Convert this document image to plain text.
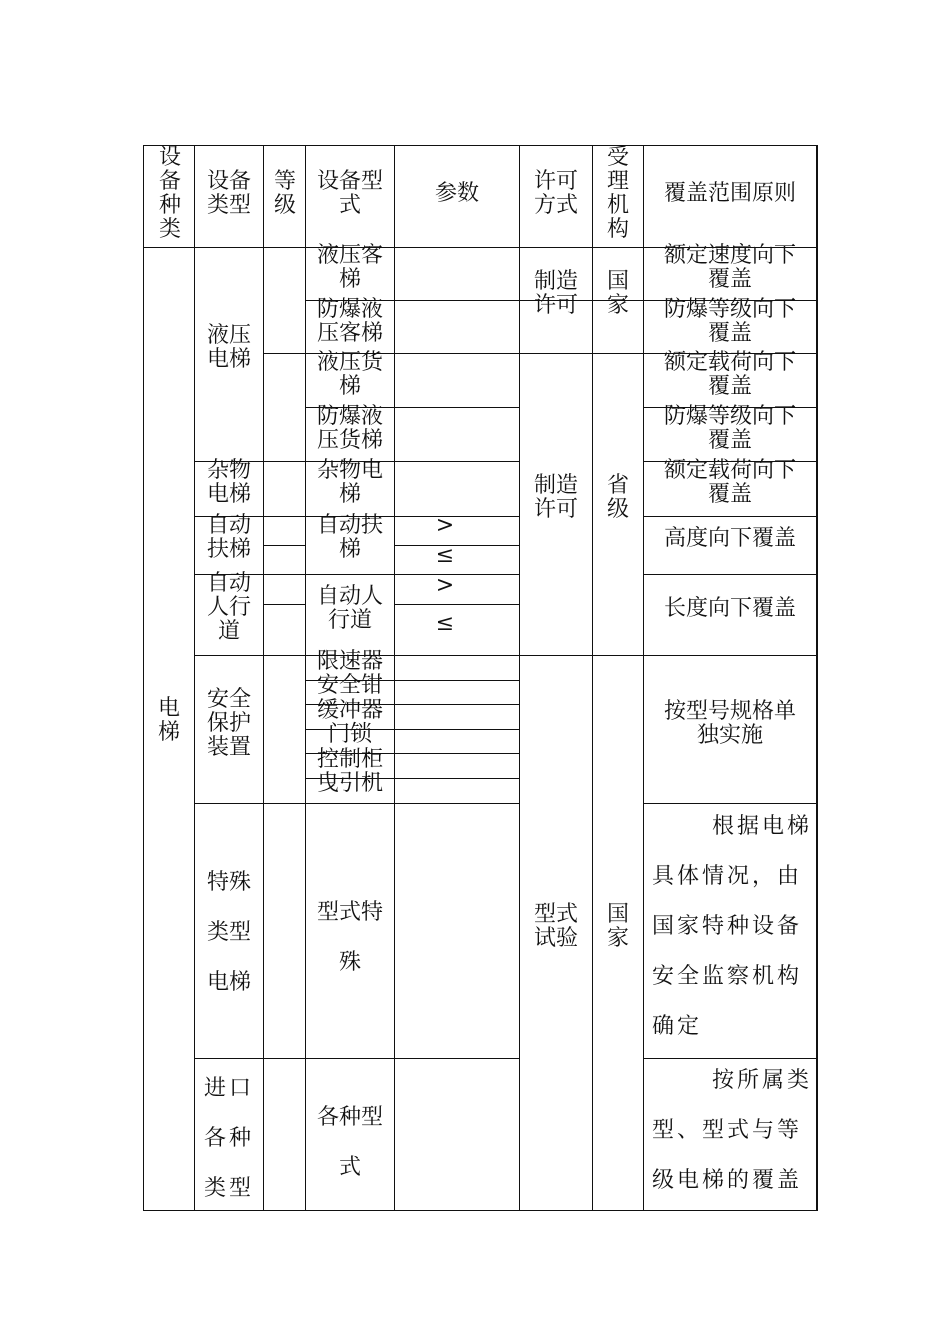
设备种类
设备
类型
等
级
设备型
式	参数	许可
方式
受理机构
覆盖范围原则
电梯
液压
电梯
杂物
电梯
自动
扶梯
自动
人行
道
安全
保护
装置
特殊
类型
电梯
进口
各种
类型
液压客
梯
防爆液
压客梯
液压货
梯
防爆液
压货梯
杂物电
梯
自动扶
梯
自动人
行道
限速器
安全钳
缓冲器
门锁
控制柜
曳引机
型式特
殊
各种型
式
>
≤
>
≤
制造
许可
制造
许可
型式
试验
国
家
省
级
国
家
额定速度向下
覆盖
防爆等级向下
覆盖
额定载荷向下
覆盖
防爆等级向下
覆盖
额定载荷向下
覆盖
高度向下覆盖
长度向下覆盖
按型号规格单
独实施
根据电梯
具体情况，由
国家特种设备
安全监察机构
确定
按所属类
型、型式与等
级电梯的覆盖
